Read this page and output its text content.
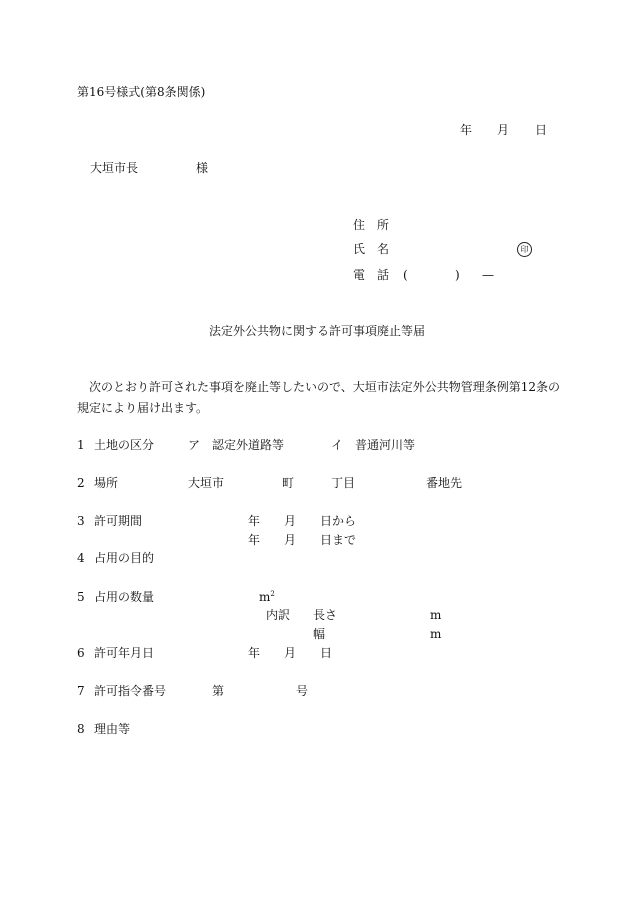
第16号様式(第8条関係)
年 月 日
大垣市長	様
住　所
氏　名	印
電　話 (	) —
法定外公共物に関する許可事項廃止等届
次のとおり許可された事項を廃止等したいので、大垣市法定外公共物管理条例第12条の
規定により届け出ます。
1 土地の区分	ア　認定外道路等	イ　普通河川等
2 場所	大垣市	町	丁目	番地先
3 許可期間	年 月 日から
年 月 日まで
4 占用の目的
5 占用の数量	$m^2$
内訳 長さ	m
幅	m
6 許可年月日	年 月 日
7 許可指令番号	第	号
8 理由等
